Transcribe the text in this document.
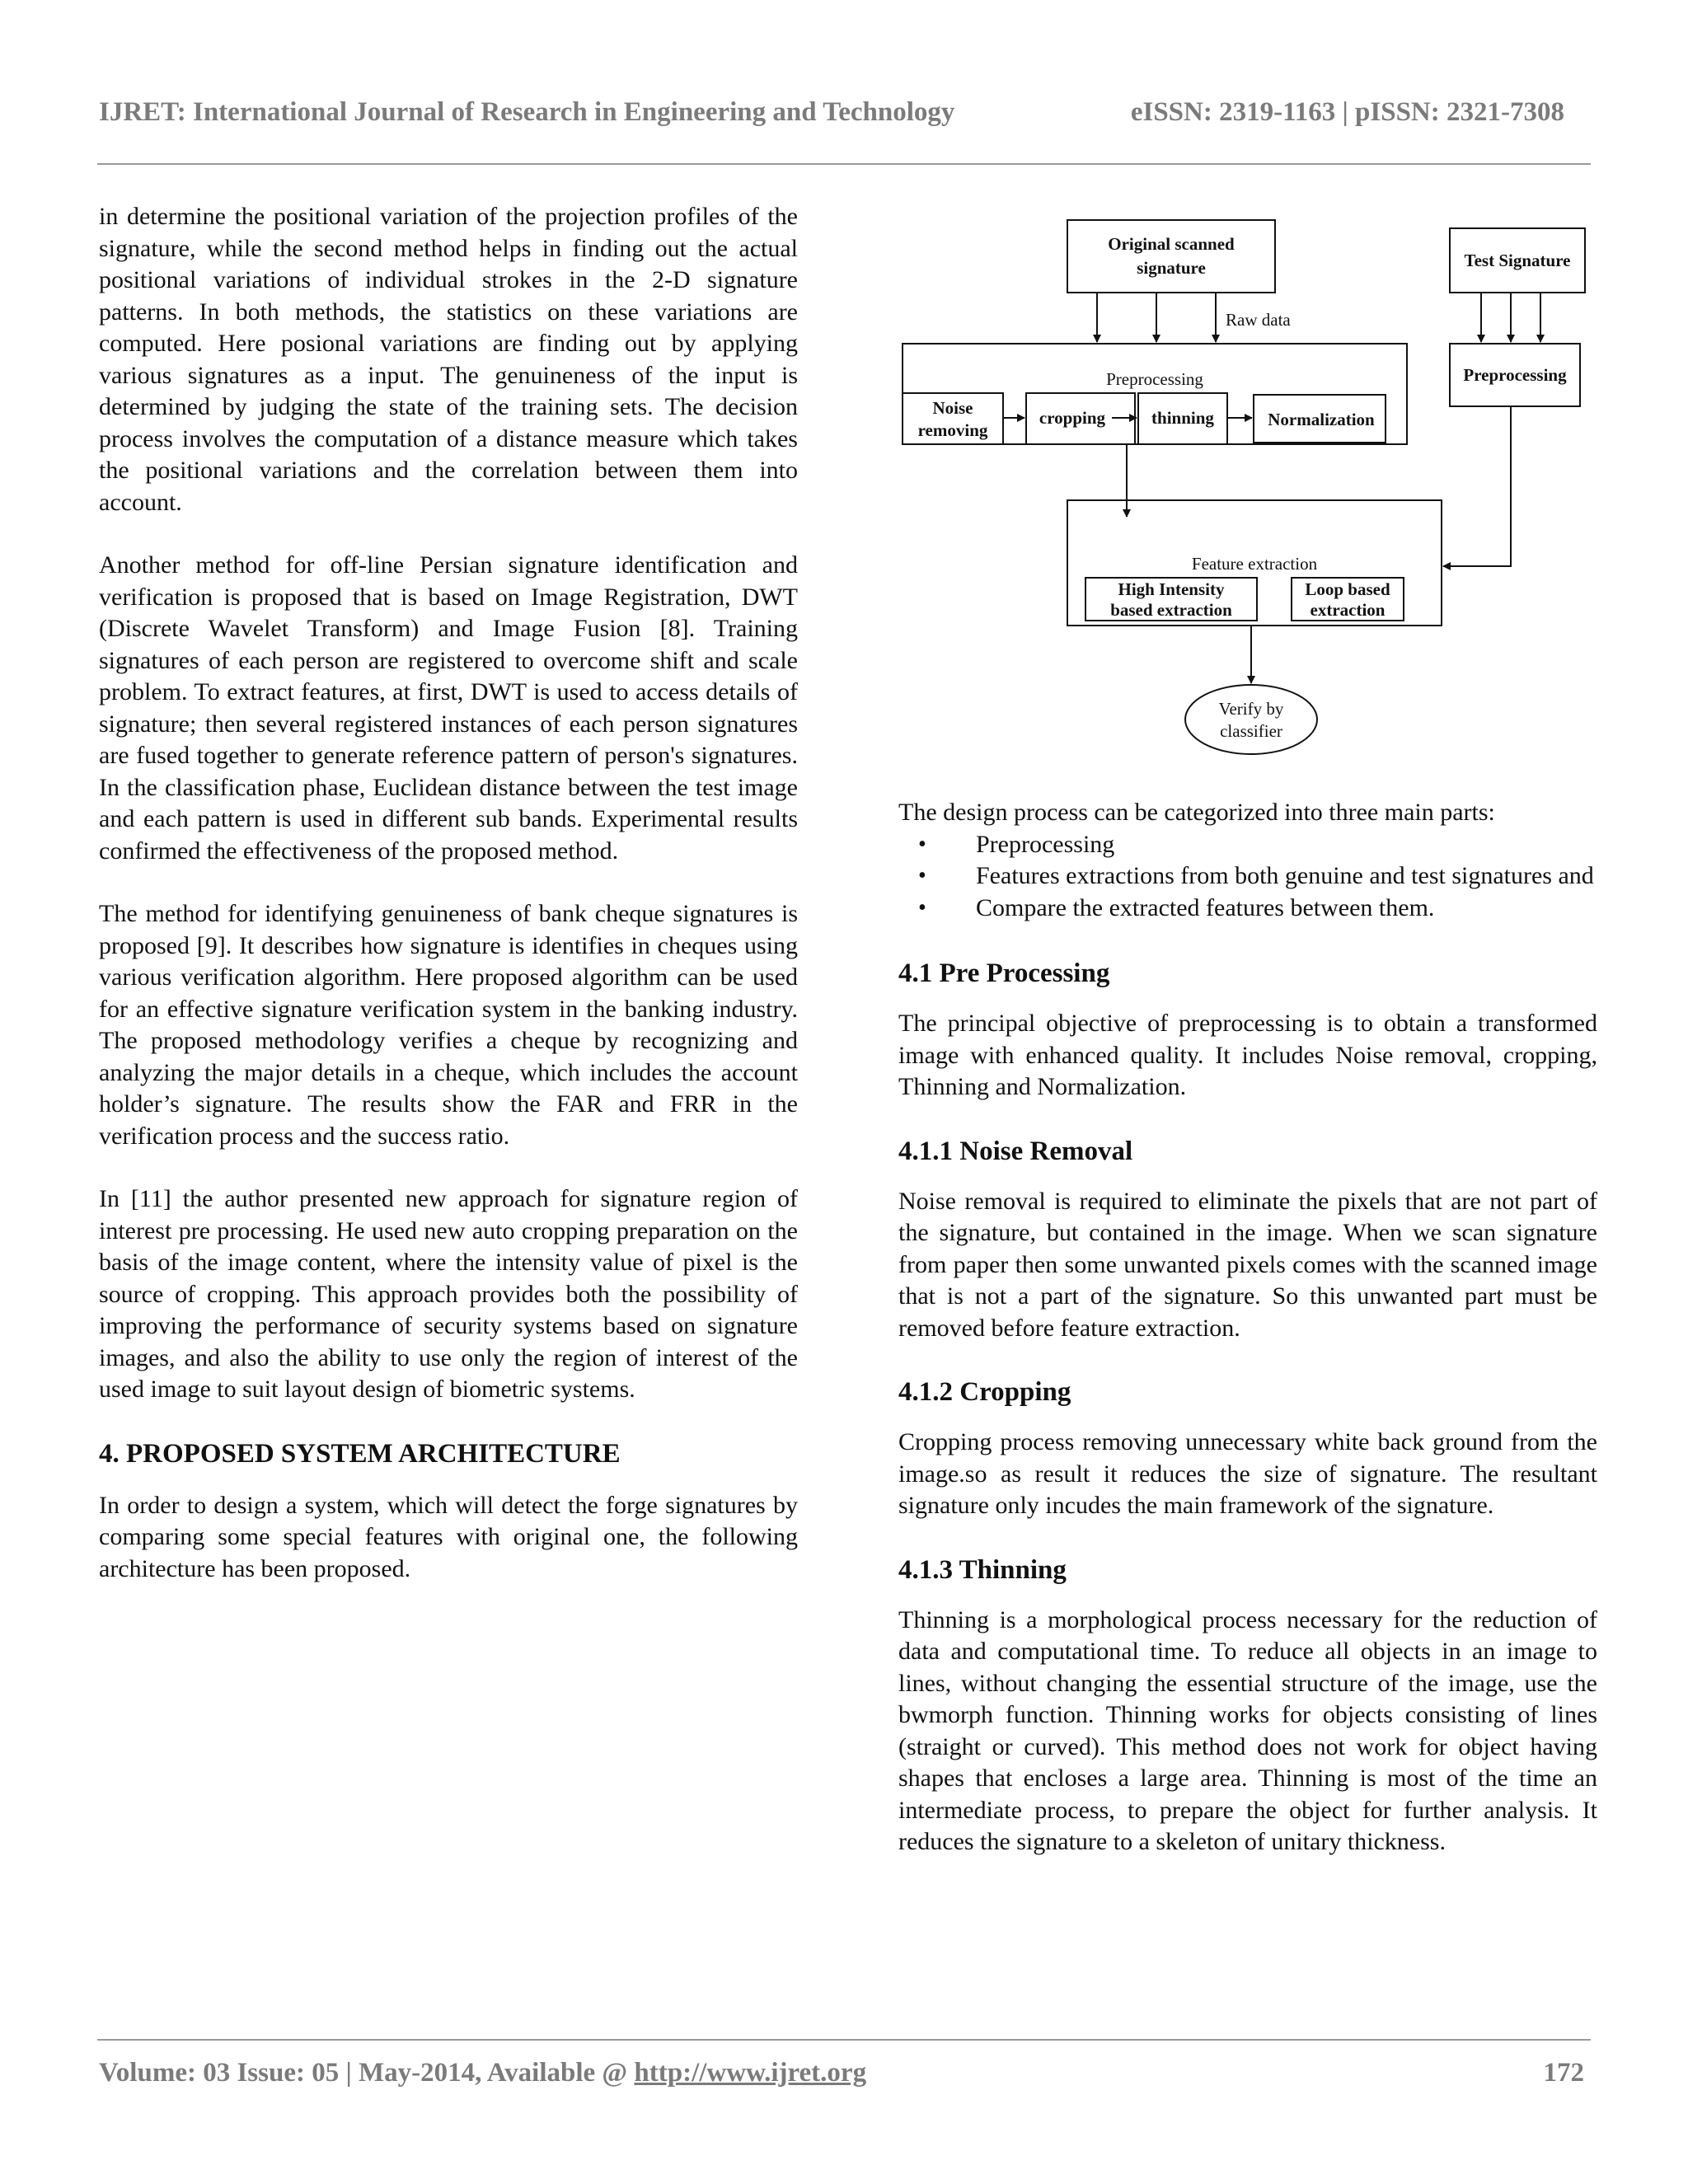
IJRET: International Journal of Research in Engineering and Technology	eISSN: 2319-1163 | pISSN: 2321-7308

in determine the positional variation of the projection profiles of the signature, while the second method helps in finding out the actual positional variations of individual strokes in the 2-D signature patterns. In both methods, the statistics on these variations are computed. Here posional variations are finding out by applying various signatures as a input. The genuineness of the input is determined by judging the state of the training sets. The decision process involves the computation of a distance measure which takes the positional variations and the correlation between them into account.

Another method for off-line Persian signature identification and verification is proposed that is based on Image Registration, DWT (Discrete Wavelet Transform) and Image Fusion [8]. Training signatures of each person are registered to overcome shift and scale problem. To extract features, at first, DWT is used to access details of signature; then several registered instances of each person signatures are fused together to generate reference pattern of person's signatures. In the classification phase, Euclidean distance between the test image and each pattern is used in different sub bands. Experimental results confirmed the effectiveness of the proposed method.

The method for identifying genuineness of bank cheque signatures is proposed [9]. It describes how signature is identifies in cheques using various verification algorithm. Here proposed algorithm can be used for an effective signature verification system in the banking industry. The proposed methodology verifies a cheque by recognizing and analyzing the major details in a cheque, which includes the account holder’s signature. The results show the FAR and FRR in the verification process and the success ratio.

In [11] the author presented new approach for signature region of interest pre processing. He used new auto cropping preparation on the basis of the image content, where the intensity value of pixel is the source of cropping. This approach provides both the possibility of improving the performance of security systems based on signature images, and also the ability to use only the region of interest of the used image to suit layout design of biometric systems.

4. PROPOSED SYSTEM ARCHITECTURE

In order to design a system, which will detect the forge signatures by comparing some special features with original one, the following architecture has been proposed.

Original scanned
signature	Test Signature
Raw data
Preprocessing
Noise
removing
cropping	thinning	Normalization
Preprocessing
Feature extraction
High Intensity
based extraction
Loop based
extraction
Verify by
classifier
The design process can be categorized into three main parts:
• Preprocessing
• Features extractions from both genuine and test signatures and
• Compare the extracted features between them.
4.1 Pre Processing

The principal objective of preprocessing is to obtain a transformed image with enhanced quality. It includes Noise removal, cropping, Thinning and Normalization.

4.1.1 Noise Removal

Noise removal is required to eliminate the pixels that are not part of the signature, but contained in the image. When we scan signature from paper then some unwanted pixels comes with the scanned image that is not a part of the signature. So this unwanted part must be removed before feature extraction.

4.1.2 Cropping

Cropping process removing unnecessary white back ground from the image.so as result it reduces the size of signature. The resultant signature only incudes the main framework of the signature.

4.1.3 Thinning

Thinning is a morphological process necessary for the reduction of data and computational time. To reduce all objects in an image to lines, without changing the essential structure of the image, use the bwmorph function. Thinning works for objects consisting of lines (straight or curved). This method does not work for object having shapes that encloses a large area. Thinning is most of the time an intermediate process, to prepare the object for further analysis. It reduces the signature to a skeleton of unitary thickness.

Volume: 03 Issue: 05 | May-2014, Available @ http://www.ijret.org	172
